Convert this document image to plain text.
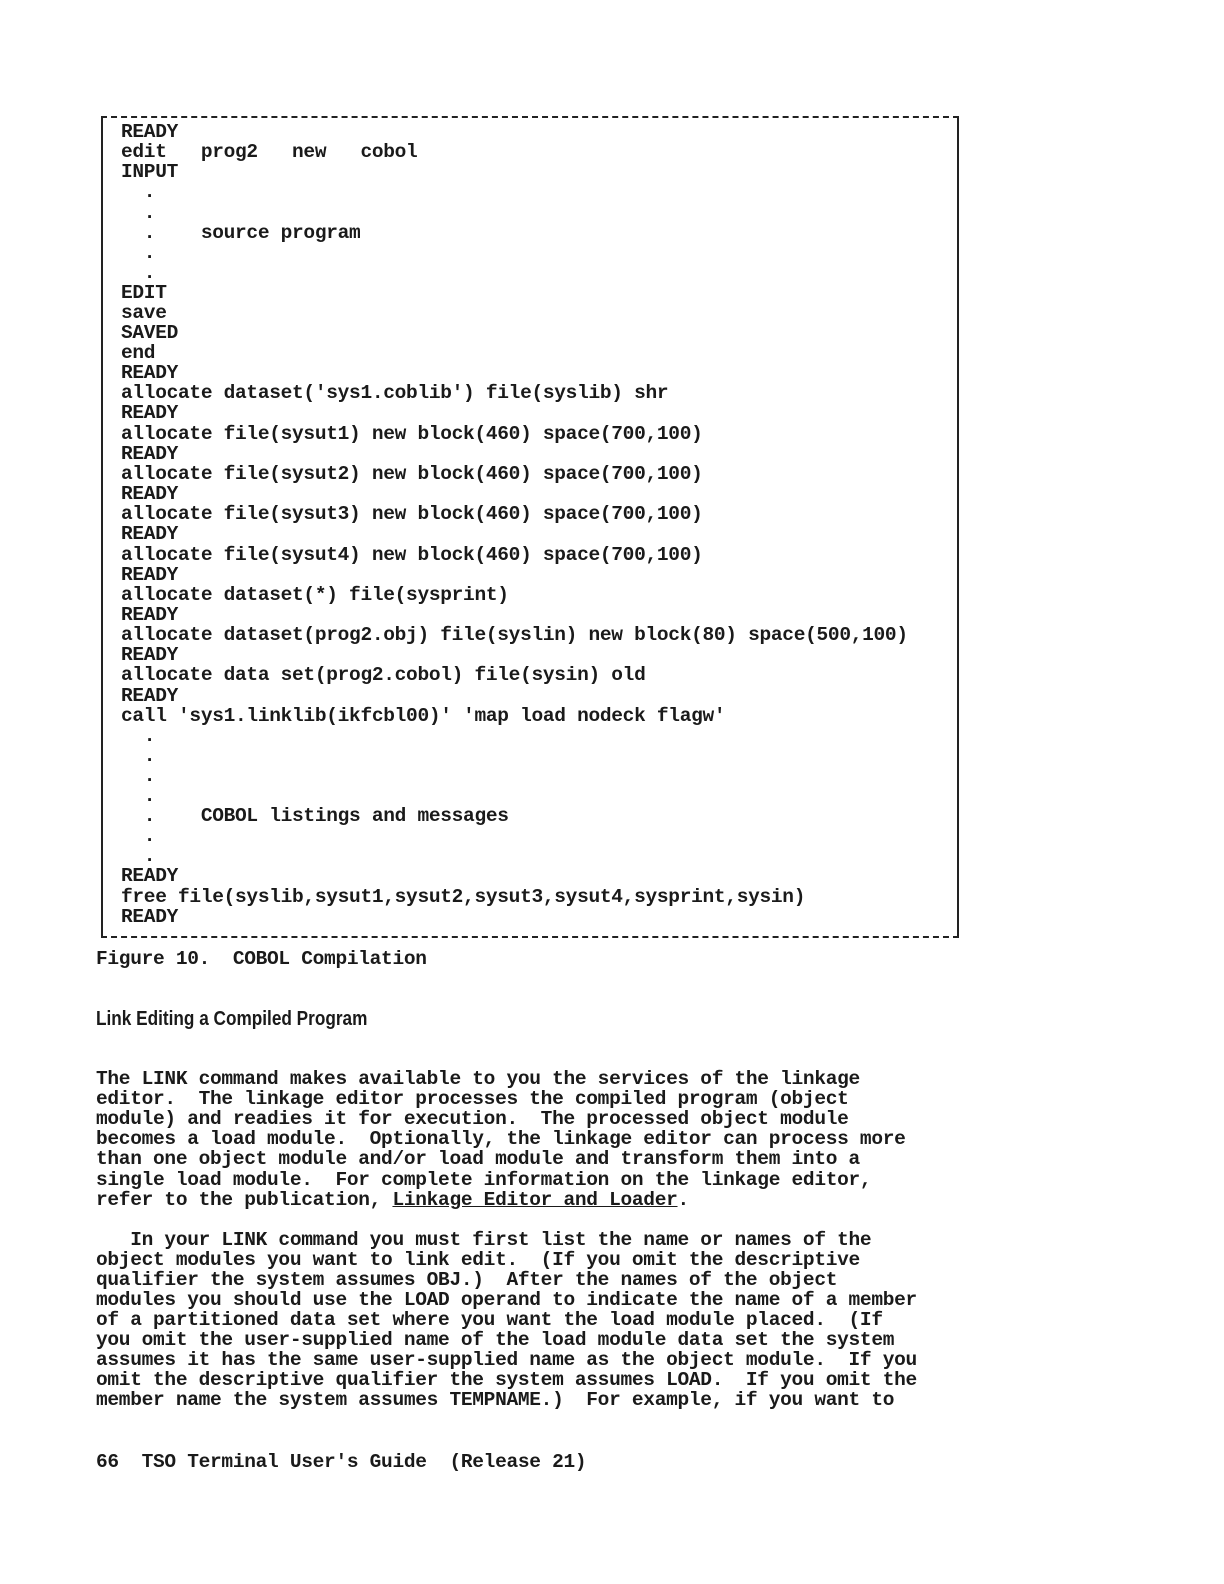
READY
edit   prog2   new   cobol
INPUT
.
.
.    source program
.
.
EDIT
save
SAVED
end
READY
allocate dataset('sys1.coblib') file(syslib) shr
READY
allocate file(sysut1) new block(460) space(700,100)
READY
allocate file(sysut2) new block(460) space(700,100)
READY
allocate file(sysut3) new block(460) space(700,100)
READY
allocate file(sysut4) new block(460) space(700,100)
READY
allocate dataset(*) file(sysprint)
READY
allocate dataset(prog2.obj) file(syslin) new block(80) space(500,100)
READY
allocate data set(prog2.cobol) file(sysin) old
READY
call 'sys1.linklib(ikfcbl00)' 'map load nodeck flagw'
.
.
.
.
.    COBOL listings and messages
.
.
READY
free file(syslib,sysut1,sysut2,sysut3,sysut4,sysprint,sysin)
READY
Figure 10.  COBOL Compilation
Link Editing a Compiled Program
The LINK command makes available to you the services of the linkage
editor.  The linkage editor processes the compiled program (object
module) and readies it for execution.  The processed object module
becomes a load module.  Optionally, the linkage editor can process more
than one object module and/or load module and transform them into a
single load module.  For complete information on the linkage editor,
refer to the publication, Linkage Editor and Loader.
In your LINK command you must first list the name or names of the
object modules you want to link edit.  (If you omit the descriptive
qualifier the system assumes OBJ.)  After the names of the object
modules you should use the LOAD operand to indicate the name of a member
of a partitioned data set where you want the load module placed.  (If
you omit the user-supplied name of the load module data set the system
assumes it has the same user-supplied name as the object module.  If you
omit the descriptive qualifier the system assumes LOAD.  If you omit the
member name the system assumes TEMPNAME.)  For example, if you want to
66  TSO Terminal User's Guide  (Release 21)
